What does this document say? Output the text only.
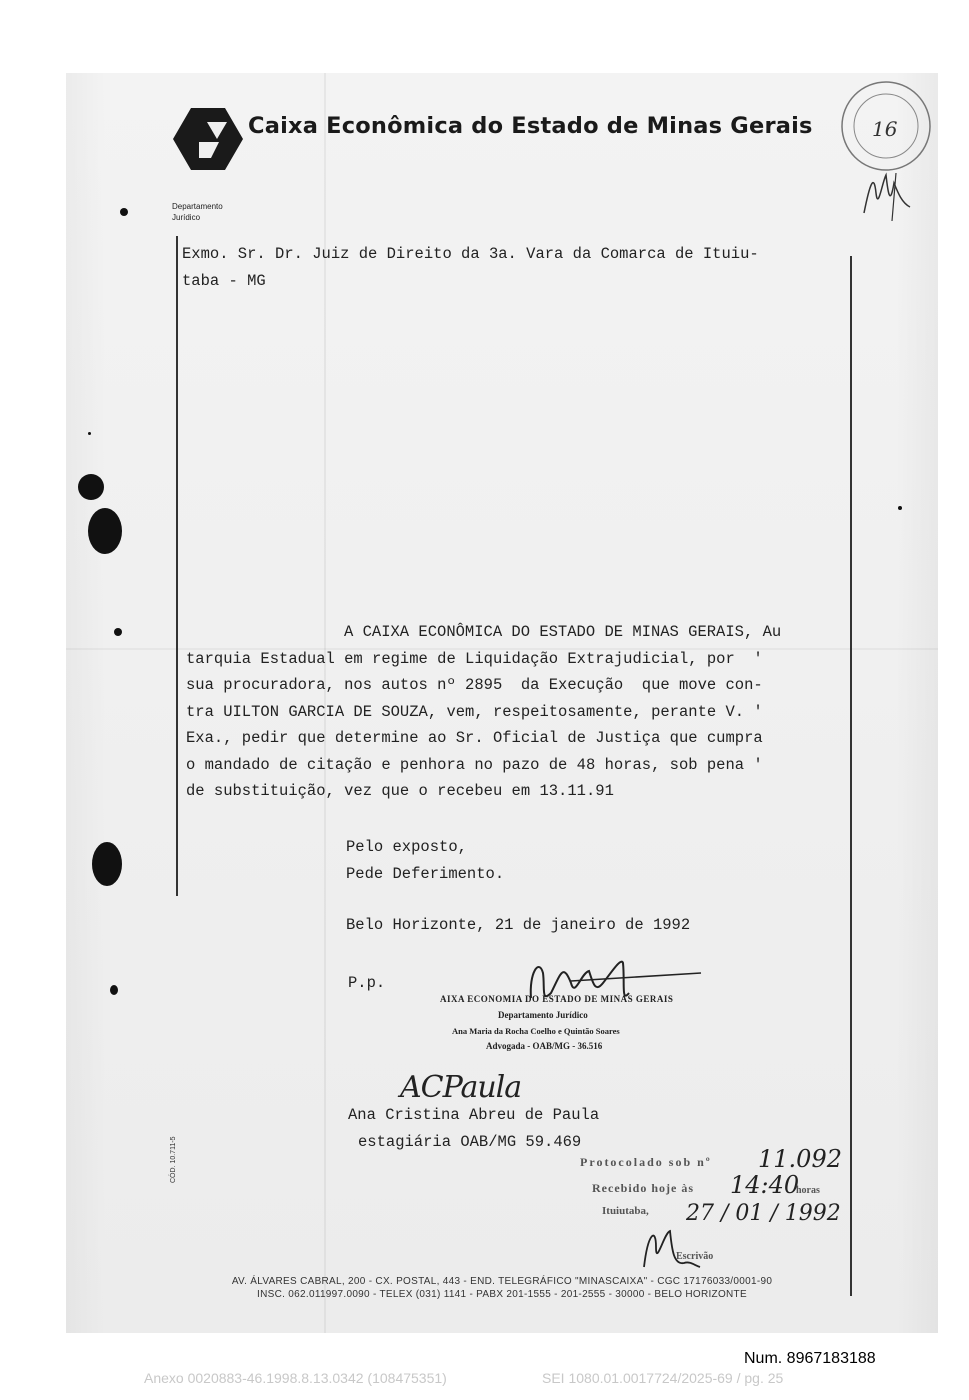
Caixa Econômica do Estado de Minas Gerais
Departamento
Jurídico
16
Exmo. Sr. Dr. Juiz de Direito da 3a. Vara da Comarca de Ituiu-
taba - MG
A CAIXA ECONÔMICA DO ESTADO DE MINAS GERAIS, Au
tarquia Estadual em regime de Liquidação Extrajudicial, por  '
sua procuradora, nos autos nº 2895  da Execução  que move con-
tra UILTON GARCIA DE SOUZA, vem, respeitosamente, perante V. '
Exa., pedir que determine ao Sr. Oficial de Justiça que cumpra
o mandado de citação e penhora no pazo de 48 horas, sob pena '
de substituição, vez que o recebeu em 13.11.91
Pelo exposto,
Pede Deferimento.
Belo Horizonte, 21 de janeiro de 1992
P.p.
AIXA ECONOMIA DO ESTADO DE MINAS GERAIS
Departamento Jurídico
Ana Maria da Rocha Coelho e Quintão Soares
Advogada - OAB/MG - 36.516
ACPaula
Ana Cristina Abreu de Paula
estagiária OAB/MG 59.469
Protocolado sob nº 11.092
Recebido hoje às 14:40
horas
Ituiutaba, 27 / 01 / 1992
Escrivão
AV. ÁLVARES CABRAL, 200 - CX. POSTAL, 443 - END. TELEGRÁFICO "MINASCAIXA" - CGC 17176033/0001-90
INSC. 062.011997.0090 - TELEX (031) 1141 - PABX 201-1555 - 201-2555 - 30000 - BELO HORIZONTE
CÓD. 10.711-5
Num. 8967183188
Anexo 0020883-46.1998.8.13.0342 (108475351)	SEI 1080.01.0017724/2025-69 / pg. 25
